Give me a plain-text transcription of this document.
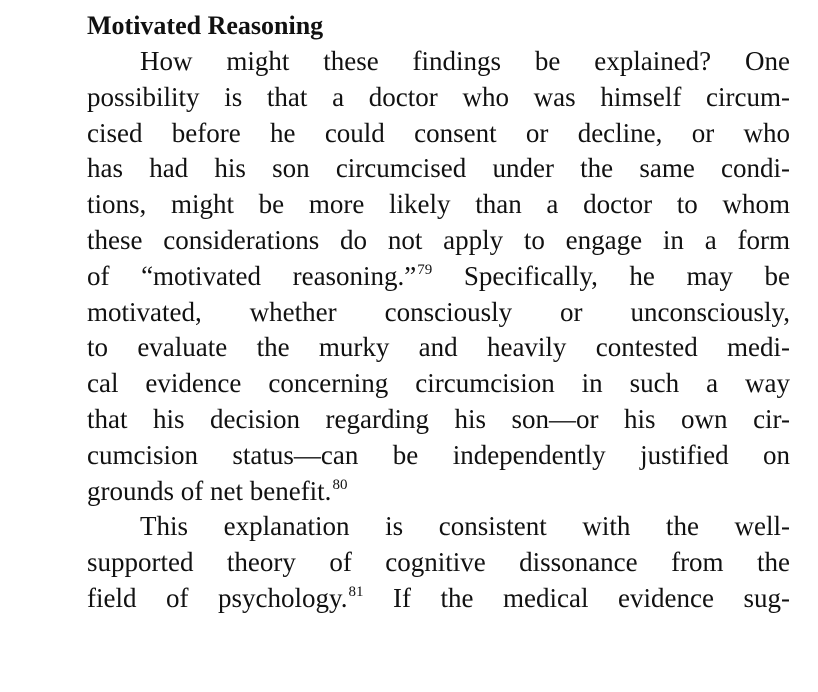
Motivated Reasoning
How might these findings be explained? One
possibility is that a doctor who was himself circum-
cised before he could consent or decline, or who
has had his son circumcised under the same condi-
tions, might be more likely than a doctor to whom
these considerations do not apply to engage in a form
of “motivated reasoning.”$^{79}$ Specifically, he may be
motivated, whether consciously or unconsciously,
to evaluate the murky and heavily contested medi-
cal evidence concerning circumcision in such a way
that his decision regarding his son—or his own cir-
cumcision status—can be independently justified on
grounds of net benefit.$^{80}$
This explanation is consistent with the well-
supported theory of cognitive dissonance from the
field of psychology.$^{81}$ If the medical evidence sug-
